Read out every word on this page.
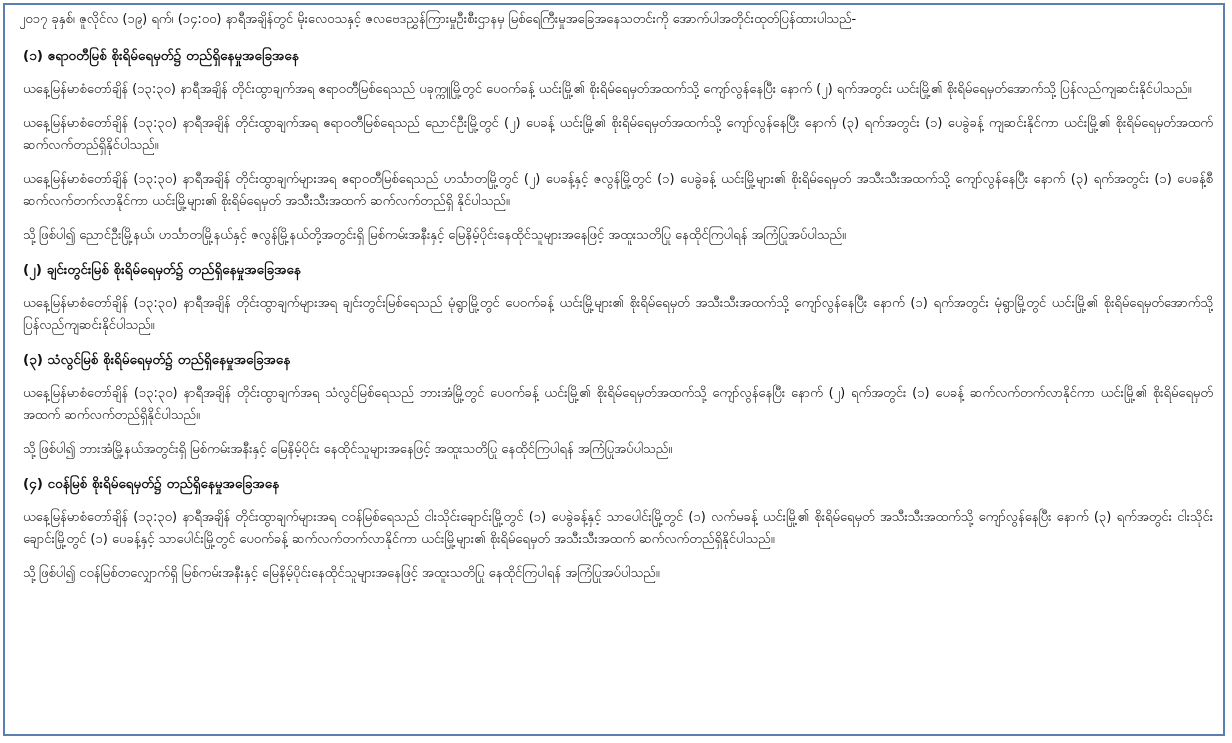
၂၀၁၇ ခုနှစ်၊ ဇူလိုင်လ (၁၉) ရက်၊ (၁၄:၀၀) နာရီအချိန်တွင် မိုးလေဝသနှင့် ဇလဗေဒညွှန်ကြားမှုဦးစီးဌာနမှ မြစ်ရေကြီးမှုအခြေအနေသတင်းကို အောက်ပါအတိုင်းထုတ်ပြန်ထားပါသည်-

(၁) ဧရာဝတီမြစ် စိုးရိမ်ရေမှတ်၌ တည်ရှိနေမှုအခြေအနေ

ယနေ့မြန်မာစံတော်ချိန် (၁၃:၃၀) နာရီအချိန် တိုင်းထွာချက်အရ ဧရာဝတီမြစ်ရေသည် ပခုက္ကူမြို့တွင် ပေ၀က်ခန့် ယင်းမြို့၏ စိုးရိမ်ရေမှတ်အထက်သို့ ကျော်လွန်နေပြီး နောက် (၂) ရက်အတွင်း ယင်းမြို့၏ စိုးရိမ်ရေမှတ်အောက်သို့ ပြန်လည်ကျဆင်းနိုင်ပါသည်။

ယနေ့မြန်မာစံတော်ချိန် (၁၃:၃၀) နာရီအချိန် တိုင်းထွာချက်အရ ဧရာဝတီမြစ်ရေသည် ညောင်ဦးမြို့တွင် (၂) ပေခန့် ယင်းမြို့၏ စိုးရိမ်ရေမှတ်အထက်သို့ ကျော်လွန်နေပြီး နောက် (၃) ရက်အတွင်း (၁) ပေခွဲခန့် ကျဆင်းနိုင်ကာ ယင်းမြို့၏ စိုးရိမ်ရေမှတ်အထက် ဆက်လက်တည်ရှိနိုင်ပါသည်။

ယနေ့မြန်မာစံတော်ချိန် (၁၃:၃၀) နာရီအချိန် တိုင်းထွာချက်များအရ ဧရာဝတီမြစ်ရေသည် ဟင်္သာတမြို့တွင် (၂) ပေခန့်နှင့် ဇလွန်မြို့တွင် (၁) ပေခွဲခန့် ယင်းမြို့များ၏ စိုးရိမ်ရေမှတ် အသီးသီးအထက်သို့ ကျော်လွန်နေပြီး နောက် (၃) ရက်အတွင်း (၁) ပေခန့်စီ ဆက်လက်တက်လာနိုင်ကာ ယင်းမြို့များ၏ စိုးရိမ်ရေမှတ် အသီးသီးအထက် ဆက်လက်တည်ရှိ နိုင်ပါသည်။

သို့ဖြစ်ပါ၍ ညောင်ဦးမြို့နယ်၊ ဟင်္သာတမြို့နယ်နှင့် ဇလွန်မြို့နယ်တို့အတွင်းရှိ မြစ်ကမ်းအနီးနှင့် မြေနိမ့်ပိုင်းနေထိုင်သူများအနေဖြင့် အထူးသတိပြု နေထိုင်ကြပါရန် အကြံပြုအပ်ပါသည်။

(၂) ချင်းတွင်းမြစ် စိုးရိမ်ရေမှတ်၌ တည်ရှိနေမှုအခြေအနေ

ယနေ့မြန်မာစံတော်ချိန် (၁၃:၃၀) နာရီအချိန် တိုင်းထွာချက်များအရ ချင်းတွင်းမြစ်ရေသည် မုံရွာမြို့တွင် ပေ၀က်ခန့် ယင်းမြို့များ၏ စိုးရိမ်ရေမှတ် အသီးသီးအထက်သို့ ကျော်လွန်နေပြီး နောက် (၁) ရက်အတွင်း မုံရွာမြို့တွင် ယင်းမြို့၏ စိုးရိမ်ရေမှတ်အောက်သို့ ပြန်လည်ကျဆင်းနိုင်ပါသည်။

(၃) သံလွင်မြစ် စိုးရိမ်ရေမှတ်၌ တည်ရှိနေမှုအခြေအနေ

ယနေ့မြန်မာစံတော်ချိန် (၁၃:၃၀) နာရီအချိန် တိုင်းထွာချက်အရ သံလွင်မြစ်ရေသည် ဘားအံမြို့တွင် ပေ၀က်ခန့် ယင်းမြို့၏ စိုးရိမ်ရေမှတ်အထက်သို့ ကျော်လွန်နေပြီး နောက် (၂) ရက်အတွင်း (၁) ပေခန့် ဆက်လက်တက်လာနိုင်ကာ ယင်းမြို့၏ စိုးရိမ်ရေမှတ်အထက် ဆက်လက်တည်ရှိနိုင်ပါသည်။

သို့ဖြစ်ပါ၍ ဘားအံမြို့နယ်အတွင်းရှိ မြစ်ကမ်းအနီးနှင့် မြေနိမ့်ပိုင်း နေထိုင်သူများအနေဖြင့် အထူးသတိပြု နေထိုင်ကြပါရန် အကြံပြုအပ်ပါသည်။

(၄) ငဝန်မြစ် စိုးရိမ်ရေမှတ်၌ တည်ရှိနေမှုအခြေအနေ

ယနေ့မြန်မာစံတော်ချိန် (၁၃:၃၀) နာရီအချိန် တိုင်းထွာချက်များအရ ငဝန်မြစ်ရေသည် ငါးသိုင်းချောင်းမြို့တွင် (၁) ပေခွဲခန့်နှင့် သာပေါင်းမြို့တွင် (၁) လက်မခန့် ယင်းမြို့၏ စိုးရိမ်ရေမှတ် အသီးသီးအထက်သို့ ကျော်လွန်နေပြီး နောက် (၃) ရက်အတွင်း ငါးသိုင်းချောင်းမြို့တွင် (၁) ပေခန့်နှင့် သာပေါင်းမြို့တွင် ပေ၀က်ခန့် ဆက်လက်တက်လာနိုင်ကာ ယင်းမြို့များ၏ စိုးရိမ်ရေမှတ် အသီးသီးအထက် ဆက်လက်တည်ရှိနိုင်ပါသည်။

သို့ဖြစ်ပါ၍ ငဝန်မြစ်တလျှောက်ရှိ မြစ်ကမ်းအနီးနှင့် မြေနိမ့်ပိုင်းနေထိုင်သူများအနေဖြင့် အထူးသတိပြု နေထိုင်ကြပါရန် အကြံပြုအပ်ပါသည်။
